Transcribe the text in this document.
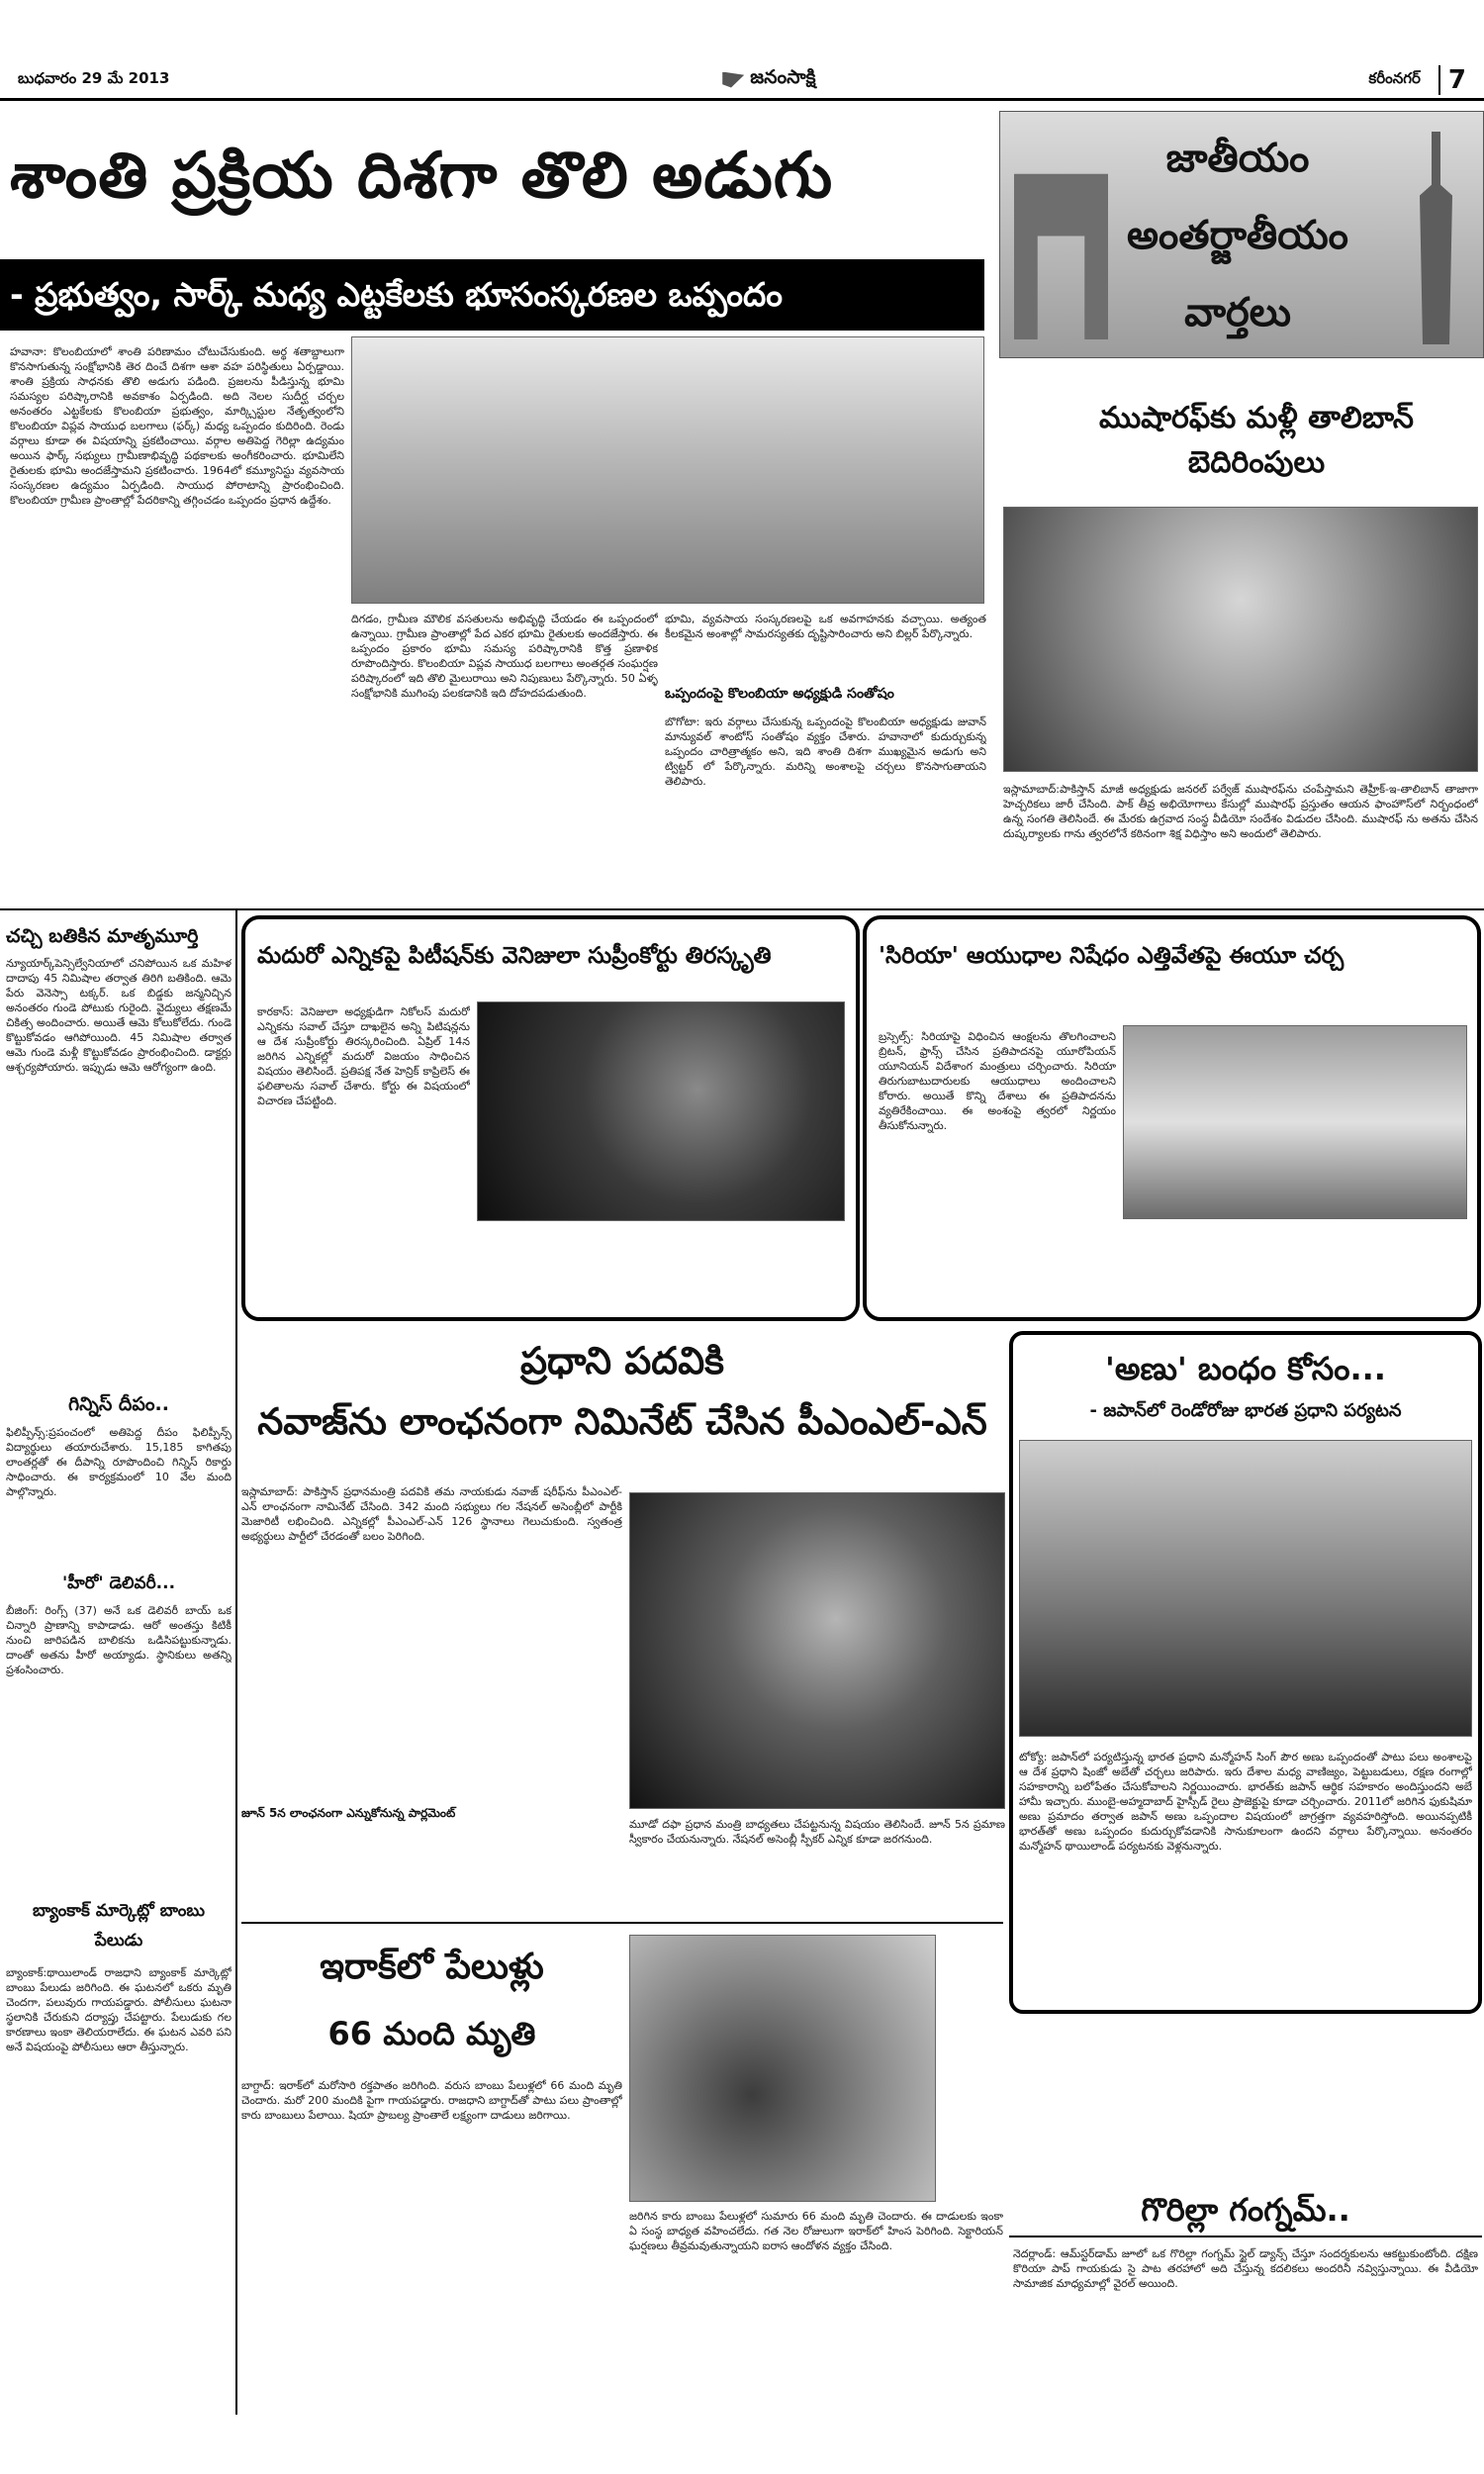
బుధవారం 29 మే 2013	జనంసాక్షి	కరీంనగర్	7
శాంతి ప్రక్రియ దిశగా తొలి అడుగు
- ప్రభుత్వం, సార్క్ మధ్య ఎట్టకేలకు భూసంస్కరణల ఒప్పందం
హవానా: కొలంబియాలో శాంతి పరిణామం చోటుచేసుకుంది. అర్థ శతాబ్దాలుగా కొనసాగుతున్న సంక్షోభానికి తెర దించే దిశగా ఆశా వహ పరిస్థితులు ఏర్పడ్డాయి. శాంతి ప్రక్రియ సాధనకు తొలి అడుగు పడింది. ప్రజలను పీడిస్తున్న భూమి సమస్యల పరిష్కారానికి అవకాశం ఏర్పడింది. అది నెలల సుదీర్ఘ చర్చల అనంతరం ఎట్టకేలకు కొలంబియా ప్రభుత్వం, మార్క్సిస్టుల నేతృత్వంలోని కొలంబియా విప్లవ సాయుధ బలగాలు (ఫర్క్) మధ్య ఒప్పందం కుదిరింది. రెండు వర్గాలు కూడా ఈ విషయాన్ని ప్రకటించాయి. వర్గాల అతిపెద్ద గెరిల్లా ఉద్యమం అయిన ఫార్క్ సభ్యులు గ్రామీణాభివృద్ధి పథకాలకు అంగీకరించారు. భూమిలేని రైతులకు భూమి అందజేస్తామని ప్రకటించారు. 1964లో కమ్యూనిస్టు వ్యవసాయ సంస్కరణల ఉద్యమం ఏర్పడింది. సాయుధ పోరాటాన్ని ప్రారంభించింది. కొలంబియా గ్రామీణ ప్రాంతాల్లో పేదరికాన్ని తగ్గించడం ఒప్పందం ప్రధాన ఉద్దేశం.
దిగడం, గ్రామీణ మౌలిక వసతులను అభివృద్ధి చేయడం ఈ ఒప్పందంలో ఉన్నాయి. గ్రామీణ ప్రాంతాల్లో పేద ఎకర భూమి రైతులకు అందజేస్తారు. ఈ ఒప్పందం ప్రకారం భూమి సమస్య పరిష్కారానికి కొత్త ప్రణాళిక రూపొందిస్తారు. కొలంబియా విప్లవ సాయుధ బలగాలు అంతర్గత సంఘర్షణ పరిష్కారంలో ఇది తొలి మైలురాయి అని నిపుణులు పేర్కొన్నారు. 50 ఏళ్ళ సంక్షోభానికి ముగింపు పలకడానికి ఇది దోహదపడుతుంది.
భూమి, వ్యవసాయ సంస్కరణలపై ఒక అవగాహనకు వచ్చాయి. అత్యంత కీలకమైన అంశాల్లో సామరస్యతకు దృష్టిసారించారు అని బిల్లర్ పేర్కొన్నారు.
ఒప్పందంపై కొలంబియా అధ్యక్షుడి సంతోషం
బొగోటా: ఇరు వర్గాలు చేసుకున్న ఒప్పందంపై కొలంబియా అధ్యక్షుడు జువాన్ మాన్యువల్ శాంటోస్ సంతోషం వ్యక్తం చేశారు. హవానాలో కుదుర్చుకున్న ఒప్పందం చారిత్రాత్మకం అని, ఇది శాంతి దిశగా ముఖ్యమైన అడుగు అని ట్విట్టర్ లో పేర్కొన్నారు. మరిన్ని అంశాలపై చర్చలు కొనసాగుతాయని తెలిపారు.
జాతీయం
అంతర్జాతీయం
వార్తలు
ముషారఫ్‌కు మళ్లీ తాలిబాన్ బెదిరింపులు
ఇస్లామాబాద్:పాకిస్తాన్ మాజీ అధ్యక్షుడు జనరల్ పర్వేజ్ ముషారఫ్‌ను చంపేస్తామని తెహ్రీక్-ఇ-తాలిబాన్ తాజాగా హెచ్చరికలు జారీ చేసింది. పాక్ తీవ్ర అభియోగాలు కేసుల్లో ముషారఫ్ ప్రస్తుతం ఆయన ఫాంహౌస్‌లో నిర్బంధంలో ఉన్న సంగతి తెలిసిందే. ఈ మేరకు ఉగ్రవాద సంస్థ వీడియో సందేశం విడుదల చేసింది. ముషారఫ్ ను అతను చేసిన దుష్కర్యాలకు గాను త్వరలోనే కఠినంగా శిక్ష విధిస్తాం అని అందులో తెలిపారు.
చచ్చి బతికిన మాతృమూర్తి
న్యూయార్క్‌పెన్సిల్వేనియాలో చనిపోయిన ఒక మహిళ దాదాపు 45 నిమిషాల తర్వాత తిరిగి బతికింది. ఆమె పేరు వెనెస్సా టక్కర్. ఒక బిడ్డకు జన్మనిచ్చిన అనంతరం గుండె పోటుకు గురైంది. వైద్యులు తక్షణమే చికిత్స అందించారు. అయితే ఆమె కోలుకోలేదు. గుండె కొట్టుకోవడం ఆగిపోయింది. 45 నిమిషాల తర్వాత ఆమె గుండె మళ్లీ కొట్టుకోవడం ప్రారంభించింది. డాక్టర్లు ఆశ్చర్యపోయారు. ఇప్పుడు ఆమె ఆరోగ్యంగా ఉంది.
గిన్నిస్ దీపం..
ఫిలిప్పీన్స్:ప్రపంచంలో అతిపెద్ద దీపం ఫిలిప్పీన్స్ విద్యార్థులు తయారుచేశారు. 15,185 కాగితపు లాంతర్లతో ఈ దీపాన్ని రూపొందించి గిన్నిస్ రికార్డు సాధించారు. ఈ కార్యక్రమంలో 10 వేల మంది పాల్గొన్నారు.
'హీరో' డెలివరీ...
బీజింగ్: రింగ్స్ (37) అనే ఒక డెలివరీ బాయ్ ఒక చిన్నారి ప్రాణాన్ని కాపాడాడు. ఆరో అంతస్తు కిటికీ నుంచి జారిపడిన బాలికను ఒడిసిపట్టుకున్నాడు. దాంతో అతను హీరో అయ్యాడు. స్థానికులు అతన్ని ప్రశంసించారు.
బ్యాంకాక్ మార్కెట్లో బాంబు పేలుడు
బ్యాంకాక్:థాయిలాండ్ రాజధాని బ్యాంకాక్ మార్కెట్లో బాంబు పేలుడు జరిగింది. ఈ ఘటనలో ఒకరు మృతి చెందగా, పలువురు గాయపడ్డారు. పోలీసులు ఘటనా స్థలానికి చేరుకుని దర్యాప్తు చేపట్టారు. పేలుడుకు గల కారణాలు ఇంకా తెలియరాలేదు. ఈ ఘటన ఎవరి పని అనే విషయంపై పోలీసులు ఆరా తీస్తున్నారు.
మదురో ఎన్నికపై పిటీషన్‌కు వెనిజులా సుప్రీంకోర్టు తిరస్కృతి
కారకాస్: వెనిజులా అధ్యక్షుడిగా నికోలస్ మదురో ఎన్నికను సవాల్ చేస్తూ దాఖలైన అన్ని పిటిషన్లను ఆ దేశ సుప్రీంకోర్టు తిరస్కరించింది. ఏప్రిల్ 14న జరిగిన ఎన్నికల్లో మదురో విజయం సాధించిన విషయం తెలిసిందే. ప్రతిపక్ష నేత హెన్రిక్ కాప్రిలెస్ ఈ ఫలితాలను సవాల్ చేశారు. కోర్టు ఈ విషయంలో విచారణ చేపట్టింది.
'సిరియా' ఆయుధాల నిషేధం ఎత్తివేతపై ఈయూ చర్చ
బ్రస్సెల్స్: సిరియాపై విధించిన ఆంక్షలను తొలగించాలని బ్రిటన్, ఫ్రాన్స్ చేసిన ప్రతిపాదనపై యూరోపియన్ యూనియన్ విదేశాంగ మంత్రులు చర్చించారు. సిరియా తిరుగుబాటుదారులకు ఆయుధాలు అందించాలని కోరారు. అయితే కొన్ని దేశాలు ఈ ప్రతిపాదనను వ్యతిరేకించాయి. ఈ అంశంపై త్వరలో నిర్ణయం తీసుకోనున్నారు.
ప్రధాని పదవికి
నవాజ్‌ను లాంఛనంగా నిమినేట్ చేసిన పీఎంఎల్-ఎన్
ఇస్లామాబాద్: పాకిస్తాన్ ప్రధానమంత్రి పదవికి తమ నాయకుడు నవాజ్ షరీఫ్‌ను పీఎంఎల్-ఎన్ లాంఛనంగా నామినేట్ చేసింది. 342 మంది సభ్యులు గల నేషనల్ అసెంబ్లీలో పార్టీకి మెజారిటీ లభించింది. ఎన్నికల్లో పీఎంఎల్-ఎన్ 126 స్థానాలు గెలుచుకుంది. స్వతంత్ర అభ్యర్థులు పార్టీలో చేరడంతో బలం పెరిగింది.
జూన్ 5న లాంఛనంగా ఎన్నుకోనున్న పార్లమెంట్
మూడో దఫా ప్రధాన మంత్రి బాధ్యతలు చేపట్టనున్న విషయం తెలిసిందే. జూన్ 5న ప్రమాణ స్వీకారం చేయనున్నారు. నేషనల్ అసెంబ్లీ స్పీకర్ ఎన్నిక కూడా జరగనుంది.
'అణు' బంధం కోసం...
- జపాన్‌లో రెండోరోజు భారత ప్రధాని పర్యటన
టోక్యో: జపాన్‌లో పర్యటిస్తున్న భారత ప్రధాని మన్మోహన్ సింగ్ పౌర అణు ఒప్పందంతో పాటు పలు అంశాలపై ఆ దేశ ప్రధాని షింజో అబేతో చర్చలు జరిపారు. ఇరు దేశాల మధ్య వాణిజ్యం, పెట్టుబడులు, రక్షణ రంగాల్లో సహకారాన్ని బలోపేతం చేసుకోవాలని నిర్ణయించారు. భారత్‌కు జపాన్ ఆర్థిక సహకారం అందిస్తుందని అబే హామీ ఇచ్చారు. ముంబై-అహ్మదాబాద్ హైస్పీడ్ రైలు ప్రాజెక్టుపై కూడా చర్చించారు. 2011లో జరిగిన ఫుకుషిమా అణు ప్రమాదం తర్వాత జపాన్ అణు ఒప్పందాల విషయంలో జాగ్రత్తగా వ్యవహరిస్తోంది. అయినప్పటికీ భారత్‌తో అణు ఒప్పందం కుదుర్చుకోవడానికి సానుకూలంగా ఉందని వర్గాలు పేర్కొన్నాయి. అనంతరం మన్మోహన్ థాయిలాండ్ పర్యటనకు వెళ్లనున్నారు.
ఇరాక్‌లో పేలుళ్లు
66 మంది మృతి
బాగ్దాద్: ఇరాక్‌లో మరోసారి రక్తపాతం జరిగింది. వరుస బాంబు పేలుళ్లలో 66 మంది మృతి చెందారు. మరో 200 మందికి పైగా గాయపడ్డారు. రాజధాని బాగ్దాద్‌తో పాటు పలు ప్రాంతాల్లో కారు బాంబులు పేలాయి. షియా ప్రాబల్య ప్రాంతాలే లక్ష్యంగా దాడులు జరిగాయి.
జరిగిన కారు బాంబు పేలుళ్లలో సుమారు 66 మంది మృతి చెందారు. ఈ దాడులకు ఇంకా ఏ సంస్థ బాధ్యత వహించలేదు. గత నెల రోజులుగా ఇరాక్‌లో హింస పెరిగింది. సెక్టారియన్ ఘర్షణలు తీవ్రమవుతున్నాయని ఐరాస ఆందోళన వ్యక్తం చేసింది.
గొరిల్లా గంగ్నమ్..
నెదర్లాండ్: ఆమ్‌స్టర్‌డామ్ జూలో ఒక గొరిల్లా గంగ్నమ్ స్టైల్ డ్యాన్స్ చేస్తూ సందర్శకులను ఆకట్టుకుంటోంది. దక్షిణ కొరియా పాప్ గాయకుడు సై పాట తరహాలో అది చేస్తున్న కదలికలు అందరినీ నవ్విస్తున్నాయి. ఈ వీడియో సామాజిక మాధ్యమాల్లో వైరల్ అయింది.
